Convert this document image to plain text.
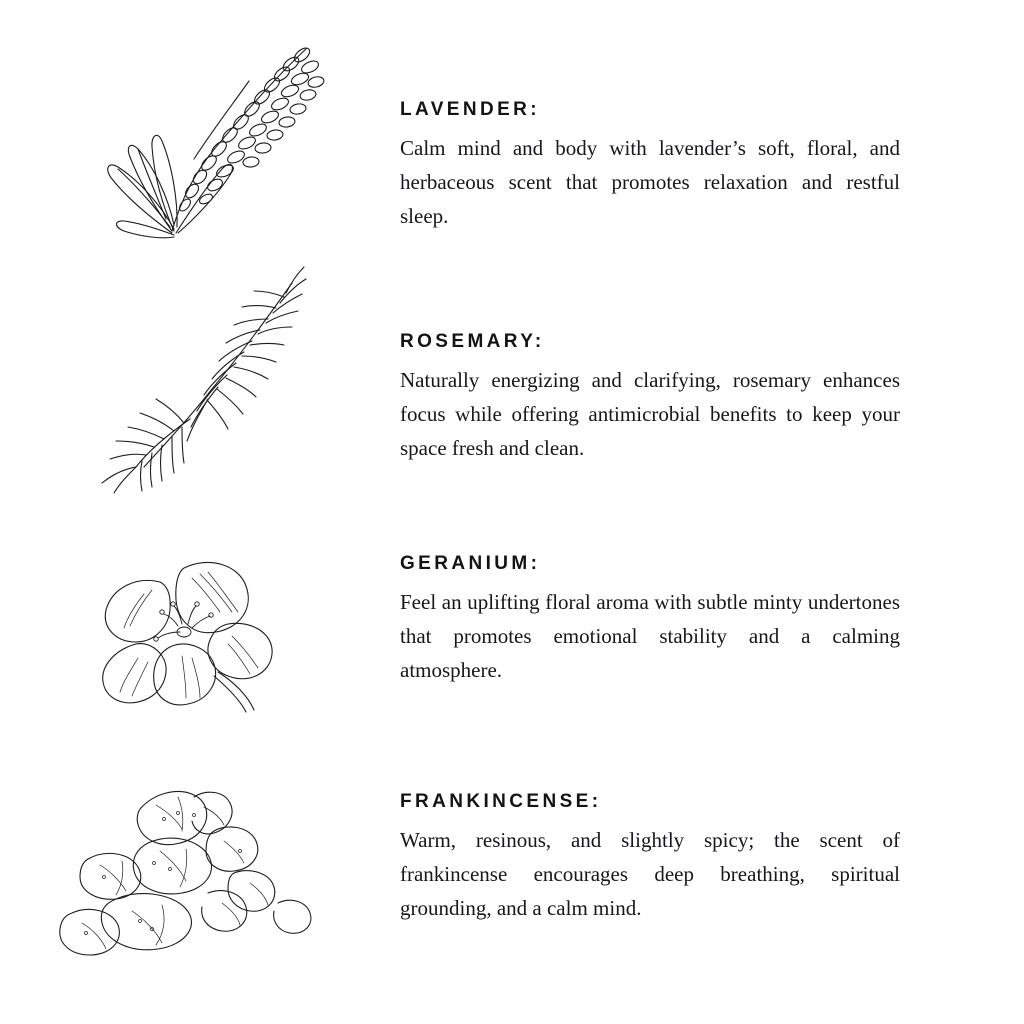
LAVENDER:

Calm mind and body with lavender’s soft, floral, and herbaceous scent that promotes relaxation and restful sleep.

ROSEMARY:

Naturally energizing and clarifying, rosemary enhances focus while offering antimicrobial benefits to keep your space fresh and clean.

GERANIUM:

Feel an uplifting floral aroma with subtle minty undertones that promotes emotional stability and a calming atmosphere.

FRANKINCENSE:

Warm, resinous, and slightly spicy; the scent of frankincense encourages deep breathing, spiritual grounding, and a calm mind.
